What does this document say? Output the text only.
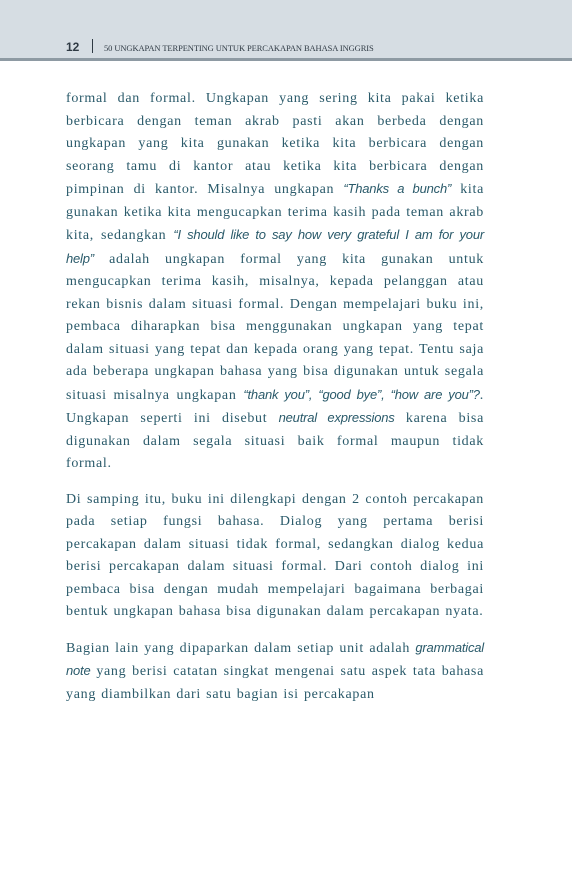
12	50 UNGKAPAN TERPENTING UNTUK PERCAKAPAN BAHASA INGGRIS

formal dan formal. Ungkapan yang sering kita pakai ketika berbicara dengan teman akrab pasti akan berbeda dengan ungkapan yang kita gunakan ketika kita berbicara dengan seorang tamu di kantor atau ketika kita berbicara dengan pimpinan di kantor. Misalnya ungkapan “Thanks a bunch” kita gunakan ketika kita mengucapkan terima kasih pada teman akrab kita, sedangkan “I should like to say how very grateful I am for your help” adalah ungkapan formal yang kita gunakan untuk mengucapkan terima kasih, misalnya, kepada pelanggan atau rekan bisnis dalam situasi formal. Dengan mempelajari buku ini, pembaca diharapkan bisa menggunakan ungkapan yang tepat dalam situasi yang tepat dan kepada orang yang tepat. Tentu saja ada beberapa ungkapan bahasa yang bisa digunakan untuk segala situasi misalnya ungkapan “thank you”, “good bye”, “how are you”?. Ungkapan seperti ini disebut neutral expressions karena bisa digunakan dalam segala situasi baik formal maupun tidak formal.

Di samping itu, buku ini dilengkapi dengan 2 contoh percakapan pada setiap fungsi bahasa. Dialog yang pertama berisi percakapan dalam situasi tidak formal, sedangkan dialog kedua berisi percakapan dalam situasi formal. Dari contoh dialog ini pembaca bisa dengan mudah mempelajari bagaimana berbagai bentuk ungkapan bahasa bisa digunakan dalam percakapan nyata.

Bagian lain yang dipaparkan dalam setiap unit adalah grammatical note yang berisi catatan singkat mengenai satu aspek tata bahasa yang diambilkan dari satu bagian isi percakapan
